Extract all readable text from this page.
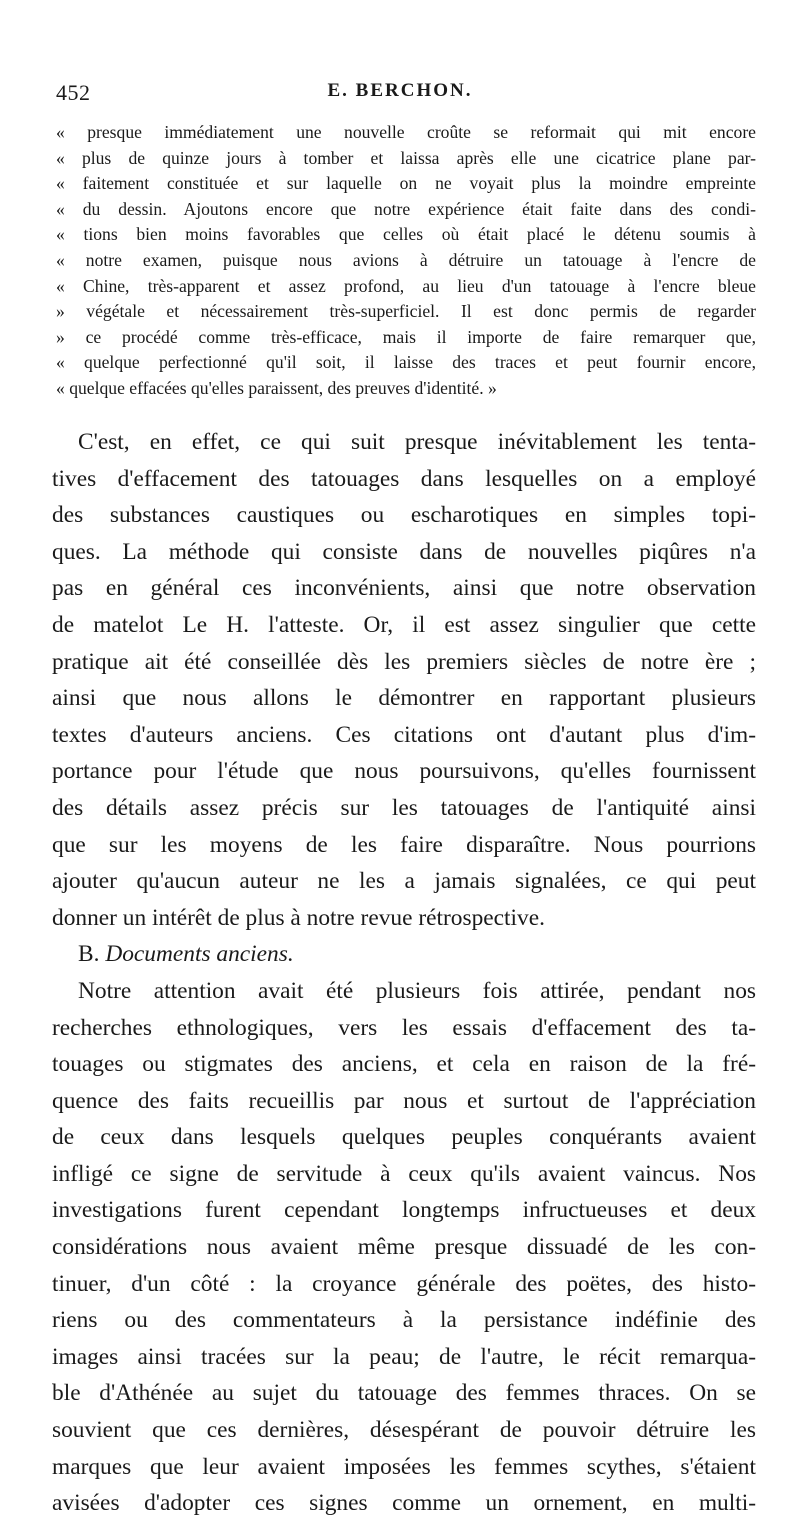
452	E. BERCHON.
« presque immédiatement une nouvelle croûte se reformait qui mit encore
« plus de quinze jours à tomber et laissa après elle une cicatrice plane par-
« faitement constituée et sur laquelle on ne voyait plus la moindre empreinte
« du dessin. Ajoutons encore que notre expérience était faite dans des condi-
« tions bien moins favorables que celles où était placé le détenu soumis à
« notre examen, puisque nous avions à détruire un tatouage à l'encre de
« Chine, très-apparent et assez profond, au lieu d'un tatouage à l'encre bleue
» végétale et nécessairement très-superficiel. Il est donc permis de regarder
» ce procédé comme très-efficace, mais il importe de faire remarquer que,
« quelque perfectionné qu'il soit, il laisse des traces et peut fournir encore,
« quelque effacées qu'elles paraissent, des preuves d'identité. »
C'est, en effet, ce qui suit presque inévitablement les tenta-
tives d'effacement des tatouages dans lesquelles on a employé
des substances caustiques ou escharotiques en simples topi-
ques. La méthode qui consiste dans de nouvelles piqûres n'a
pas en général ces inconvénients, ainsi que notre observation
de matelot Le H. l'atteste. Or, il est assez singulier que cette
pratique ait été conseillée dès les premiers siècles de notre ère ;
ainsi que nous allons le démontrer en rapportant plusieurs
textes d'auteurs anciens. Ces citations ont d'autant plus d'im-
portance pour l'étude que nous poursuivons, qu'elles fournissent
des détails assez précis sur les tatouages de l'antiquité ainsi
que sur les moyens de les faire disparaître. Nous pourrions
ajouter qu'aucun auteur ne les a jamais signalées, ce qui peut
donner un intérêt de plus à notre revue rétrospective.
B. Documents anciens.
Notre attention avait été plusieurs fois attirée, pendant nos
recherches ethnologiques, vers les essais d'effacement des ta-
touages ou stigmates des anciens, et cela en raison de la fré-
quence des faits recueillis par nous et surtout de l'appréciation
de ceux dans lesquels quelques peuples conquérants avaient
infligé ce signe de servitude à ceux qu'ils avaient vaincus. Nos
investigations furent cependant longtemps infructueuses et deux
considérations nous avaient même presque dissuadé de les con-
tinuer, d'un côté : la croyance générale des poëtes, des histo-
riens ou des commentateurs à la persistance indéfinie des
images ainsi tracées sur la peau; de l'autre, le récit remarqua-
ble d'Athénée au sujet du tatouage des femmes thraces. On se
souvient que ces dernières, désespérant de pouvoir détruire les
marques que leur avaient imposées les femmes scythes, s'étaient
avisées d'adopter ces signes comme un ornement, en multi-
